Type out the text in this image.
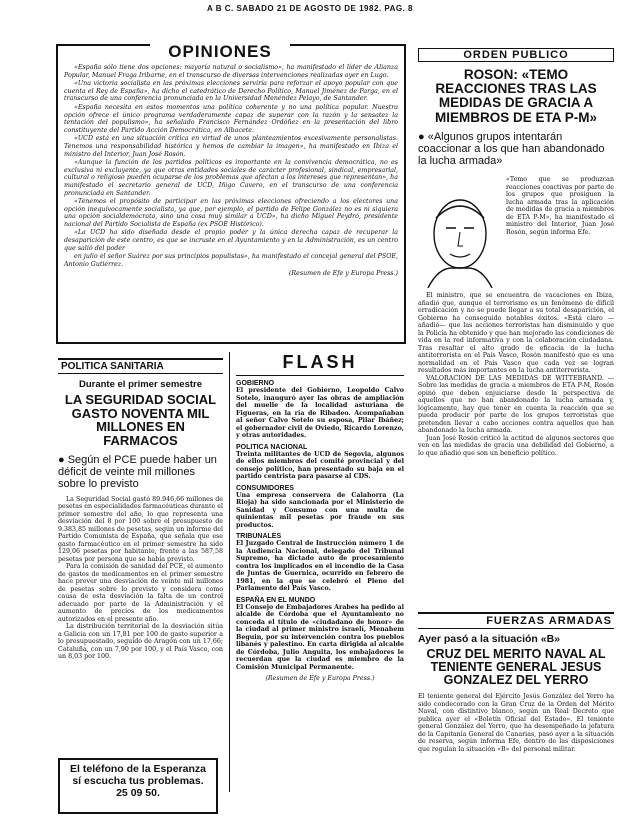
A B C. SABADO 21 DE AGOSTO DE 1982. PAG. 8

«España sólo tiene dos opciones: mayoría natural o socialismo», ha manifestado el líder de Alianza Popular, Manuel Fraga Iribarne, en el transcurso de diversas intervenciones realizadas ayer en Lugo.

«Una victoria socialista en las próximas elecciones serviría para reforzar el apoyo popular con que cuenta el Rey de España», ha dicho el catedrático de Derecho Político, Manuel Jiménez de Parga, en el transcurso de una conferencia pronunciada en la Universidad Menéndez Pelayo, de Santander.

«España necesita en estos momentos una política coherente y no una política popular. Nuestra opción ofrece el único programa verdaderamente capaz de superar con la razón y la sensatez la tentación del populismo», ha señalado Francisco Fernández Ordóñez en la presentación del libro constituyente del Partido Acción Democrática, en Albacete.

«UCD está en una situación crítica en virtud de unos planteamientos excesivamente personalistas. Tenemos una responsabilidad histórica y hemos de cambiar la imagen», ha manifestado en Ibiza el ministro del Interior, Juan José Rosón.

«Aunque la función de los partidos políticos es importante en la convivencia democrática, no es exclusiva ni excluyente, ya que otras entidades sociales de carácter profesional, sindical, empresarial, cultural o religioso pueden ocuparse de los problemas que afectan a los intereses que representan», ha manifestado el secretario general de UCD, Iñigo Cavero, en el transcurso de una conferencia pronunciada en Santander.

«Tenemos el propósito de participar en las próximas elecciones ofreciendo a los electores una opción inequívocamente socialista, ya que, por ejemplo, el partido de Felipe González no es ni siquiera una opción socialdemócrata, sino una cosa muy similar a UCD», ha dicho Miguel Peydró, presidente nacional del Partido Socialista de España (ex PSOE Histórico).

«La UCD ha sido diseñada desde el propio poder y la única derecha capaz de recuperar la desaparición de este centro, es que se incruste en el Ayuntamiento y en la Administración, es un centro que salió del poder

en julio el señor Suárez por sus principios populistas», ha manifestado el concejal general del PSOE, Antonio Gutiérrez.

(Resumen de Efe y Europa Press.)
OPINIONES	ORDEN PUBLICO
ROSON: «TEMO REACCIONES TRAS LAS MEDIDAS DE GRACIA A MIEMBROS DE ETA P-M»
● «Algunos grupos intentarán coaccionar a los que han abandonado la lucha armada»
«Temo que se produzcan reacciones coactivas por parte de los grupos que prosiguen la lucha armada tras la aplicación de medidas de gracia a miembros de ETA P-M», ha manifestado el ministro del Interior, Juan José Rosón, según informa Efe.

El ministro, que se encuentra de vacaciones en Ibiza, añadió que, aunque el terrorismo es un fenómeno de difícil erradicación y no se puede llegar a su total desaparición, el Gobierno ha conseguido notables éxitos. «Está claro —añadió— que las acciones terroristas han disminuido y que la Policía ha obtenido y que han mejorado las condiciones de vida en la red informativa y con la colaboración ciudadana. Tras resaltar el alto grado de eficacia de la lucha antiterrorista en el País Vasco, Rosón manifestó que es una normalidad en el País Vasco que cada vez se logran resultados más importantes en la lucha antiterrorista.

VALORACION DE LAS MEDIDAS DE WITTEBRAND. — Sobre las medidas de gracia a miembros de ETA P-M, Rosón opinó que deben enjuiciarse desde la perspectiva de aquellos que no han abandonado la lucha armada y, lógicamente, hay que tener en cuenta la reacción que se pueda producir por parte de los grupos terroristas que pretenden llevar a cabo acciones contra aquellos que han abandonado la lucha armada.

Juan José Rosón criticó la actitud de algunos sectores que ven en las medidas de gracia una debilidad del Gobierno, a lo que añadió que son un beneficio político.

POLITICA SANITARIA
Durante el primer semestre
LA SEGURIDAD SOCIAL GASTO NOVENTA MIL MILLONES EN FARMACOS
● Según el PCE puede haber un déficit de veinte mil millones sobre lo previsto

La Seguridad Social gastó 89.946,66 millones de pesetas en especialidades farmacéuticas durante el primer semestre del año, lo que representa una desviación del 8 por 100 sobre el presupuesto de 9.383,85 millones de pesetas, según un informe del Partido Comunista de España, que señala que ese gasto farmacéutico en el primer semestre ha sido 129,06 pesetas por habitante, frente a las 587,58 pesetas por persona que se había previsto.

Para la comisión de sanidad del PCE, el aumento de gastos de medicamentos en el primer semestre hace prever una desviación de veinte mil millones de pesetas sobre lo previsto y considera como causa de esta desviación la falta de un control adecuado por parte de la Administración y el aumento de precios de los medicamentos autorizados en el presente año.

La distribución territorial de la desviación sitúa a Galicia con un 17,81 por 100 de gasto superior a lo presupuestado, seguido de Aragón con un 17,66; Cataluña, con un 7,90 por 100, y el País Vasco, con un 8,03 por 100.

El teléfono de la Esperanza
sí escucha tus problemas.
25 09 50.
FLASH
GOBIERNO
El presidente del Gobierno, Leopoldo Calvo Sotelo, inauguró ayer las obras de ampliación del muelle de la localidad asturiana de Figueras, en la ría de Ribadeo. Acompañaban al señor Calvo Sotelo su esposa, Pilar Ibáñez; el gobernador civil de Oviedo, Ricardo Lorenzo, y otras autoridades.
POLITICA NACIONAL
Treinta militantes de UCD de Segovia, algunos de ellos miembros del comité provincial y del consejo político, han presentado su baja en el partido centrista para pasarse al CDS.
CONSUMIDORES
Una empresa conservera de Calahorra (La Rioja) ha sido sancionada por el Ministerio de Sanidad y Consumo con una multa de quinientas mil pesetas por fraude en sus productos.
TRIBUNALES
El Juzgado Central de Instrucción número 1 de la Audiencia Nacional, delegado del Tribunal Supremo, ha dictado auto de procesamiento contra los implicados en el incendio de la Casa de Juntas de Guernica, ocurrido en febrero de 1981, en la que se celebró el Pleno del Parlamento del País Vasco.
ESPAÑA EN EL MUNDO
El Consejo de Embajadores Arabes ha pedido al alcalde de Córdoba que el Ayuntamiento no conceda el título de «ciudadano de honor» de la ciudad al primer ministro israelí, Menahem Beguin, por su intervención contra los pueblos libanés y palestino. En carta dirigida al alcalde de Córdoba, Julio Anguita, los embajadores le recuerdan que la ciudad es miembro de la Comisión Municipal Permanente.
(Resumen de Efe y Europa Press.)
FUERZAS ARMADAS
Ayer pasó a la situación «B»
CRUZ DEL MERITO NAVAL AL TENIENTE GENERAL JESUS GONZALEZ DEL YERRO
El teniente general del Ejército Jesús González del Yerro ha sido condecorado con la Gran Cruz de la Orden del Mérito Naval, con distintivo blanco, según un Real Decreto que publica ayer el «Boletín Oficial del Estado». El teniente general González del Yerro, que ha desempeñado la jefatura de la Capitanía General de Canarias, pasó ayer a la situación de reserva, según informa Efe, dentro de las disposiciones que regulan la situación «B» del personal militar.
